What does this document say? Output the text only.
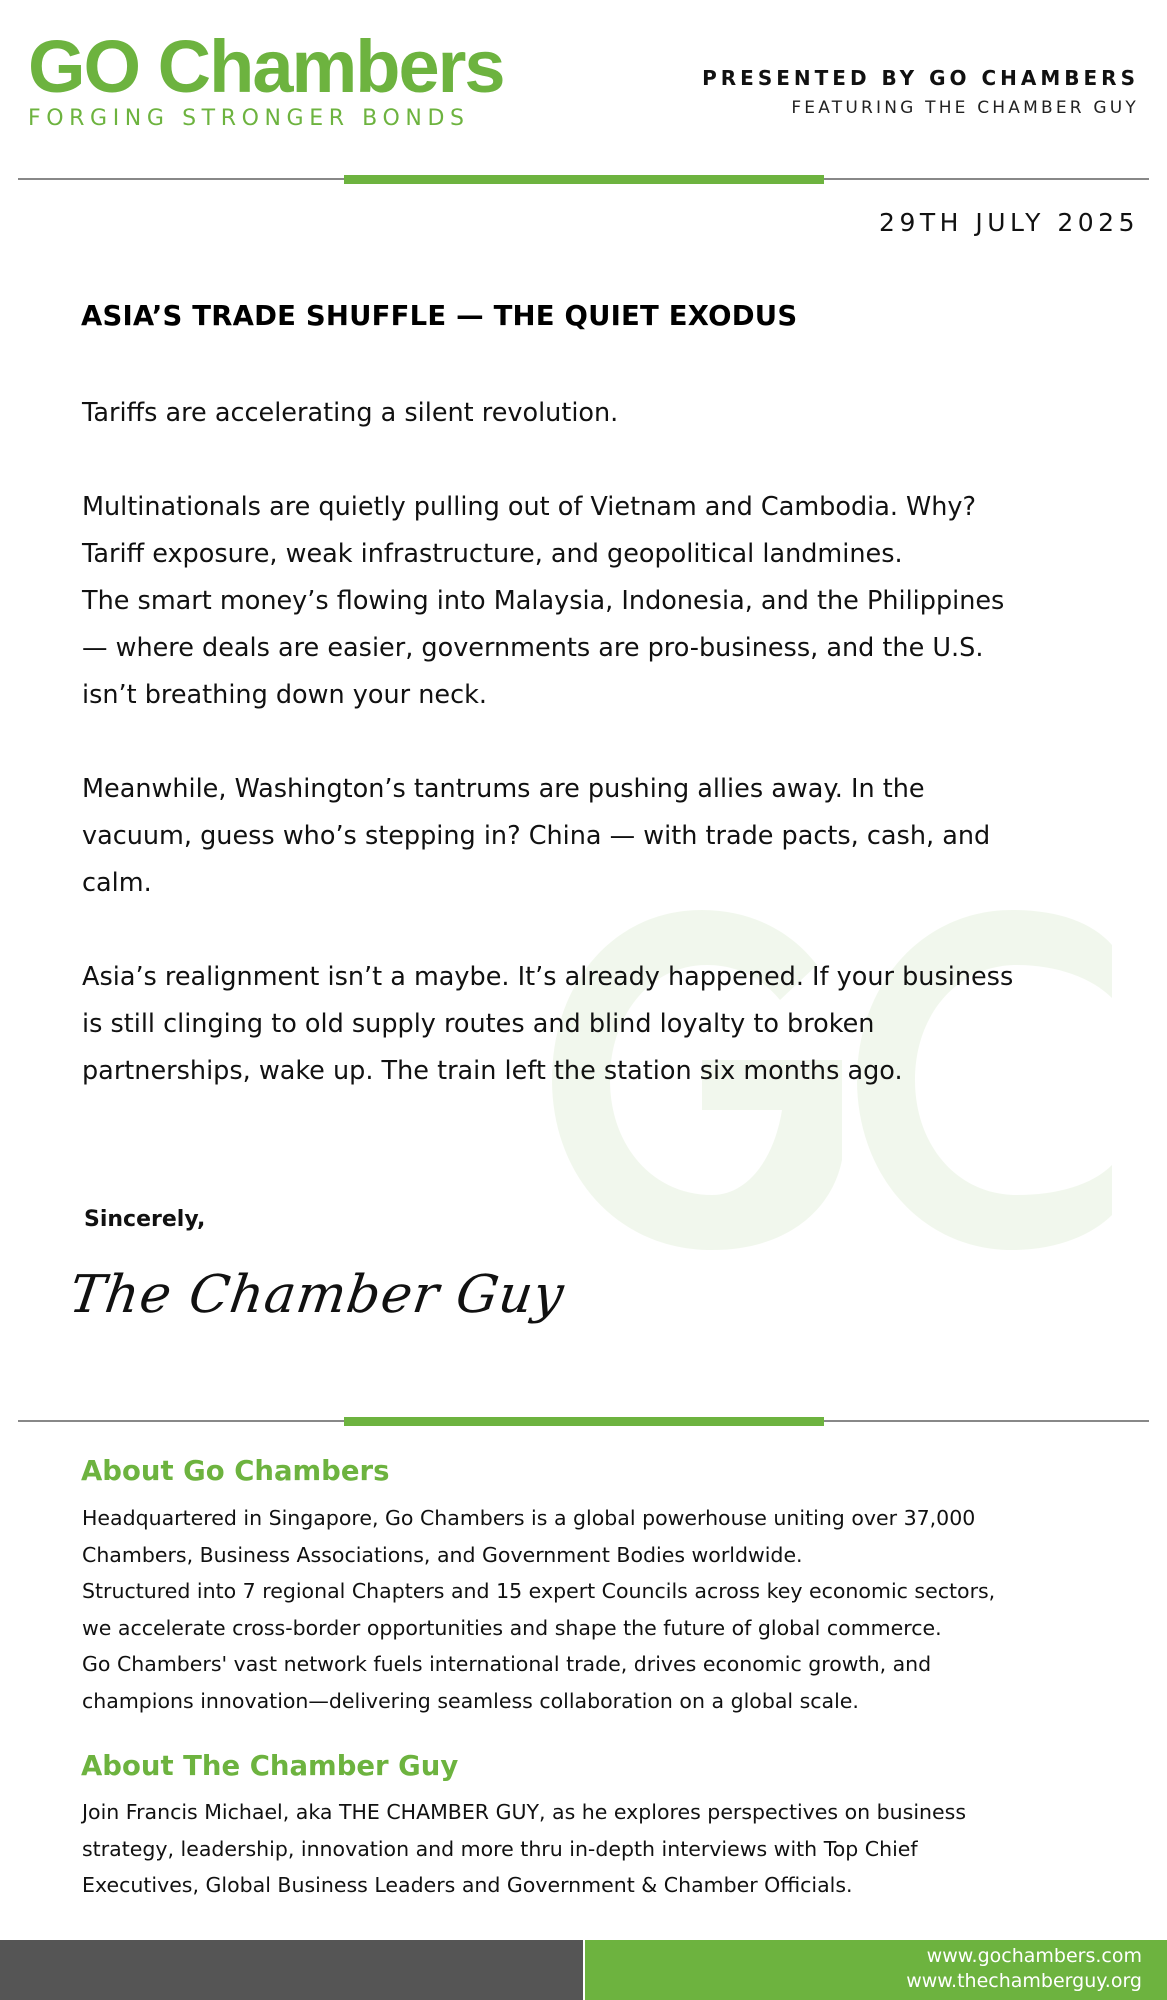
GO Chambers
FORGING STRONGER BONDS
PRESENTED BY GO CHAMBERS
FEATURING THE CHAMBER GUY
29TH JULY 2025
ASIA’S TRADE SHUFFLE — THE QUIET EXODUS
Tariffs are accelerating a silent revolution.
Multinationals are quietly pulling out of Vietnam and Cambodia. Why?
Tariff exposure, weak infrastructure, and geopolitical landmines.
The smart money’s flowing into Malaysia, Indonesia, and the Philippines
— where deals are easier, governments are pro-business, and the U.S.
isn’t breathing down your neck.
Meanwhile, Washington’s tantrums are pushing allies away. In the
vacuum, guess who’s stepping in? China — with trade pacts, cash, and
calm.
Asia’s realignment isn’t a maybe. It’s already happened. If your business
is still clinging to old supply routes and blind loyalty to broken
partnerships, wake up. The train left the station six months ago.
Sincerely,
The Chamber Guy
About Go Chambers
Headquartered in Singapore, Go Chambers is a global powerhouse uniting over 37,000
Chambers, Business Associations, and Government Bodies worldwide.
Structured into 7 regional Chapters and 15 expert Councils across key economic sectors,
we accelerate cross-border opportunities and shape the future of global commerce.
Go Chambers' vast network fuels international trade, drives economic growth, and
champions innovation—delivering seamless collaboration on a global scale.
About The Chamber Guy
Join Francis Michael, aka THE CHAMBER GUY, as he explores perspectives on business
strategy, leadership, innovation and more thru in-depth interviews with Top Chief
Executives, Global Business Leaders and Government & Chamber Officials.
www.gochambers.com
www.thechamberguy.org
